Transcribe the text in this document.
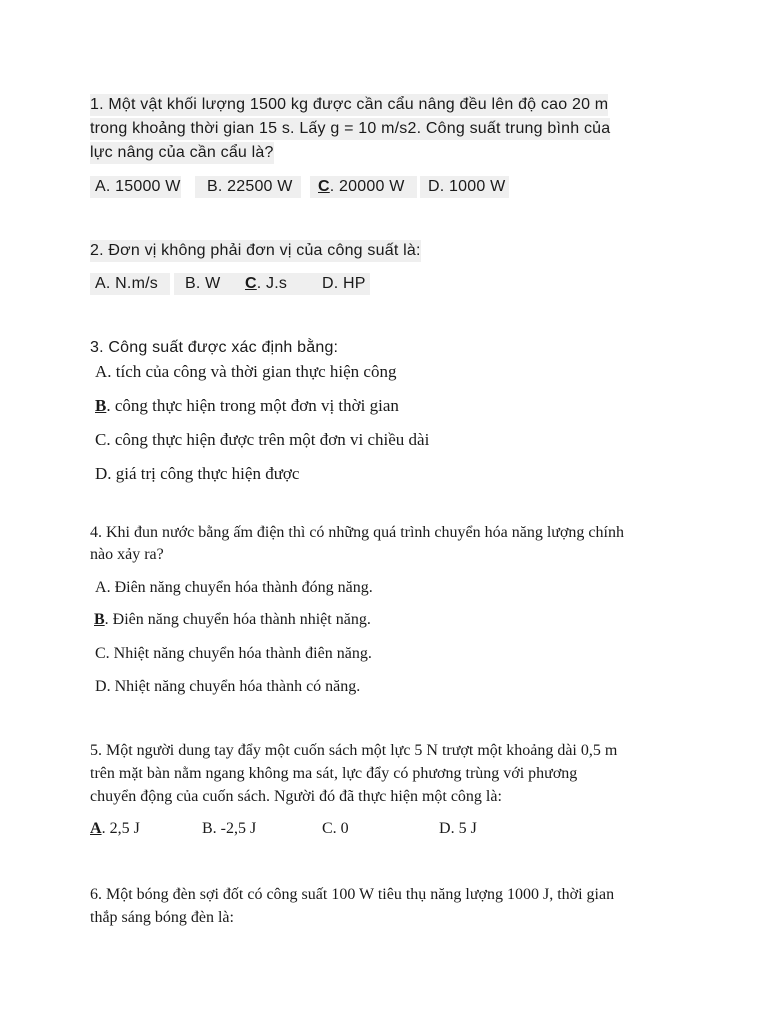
1. Một vật khối lượng 1500 kg được cần cẩu nâng đều lên độ cao 20 m
trong khoảng thời gian 15 s. Lấy g = 10 m/s2. Công suất trung bình của
lực nâng của cần cẩu là?
A. 15000 W	B. 22500 W	C. 20000 W	D. 1000 W
2. Đơn vị không phải đơn vị của công suất là:
A. N.m/s	B. W	C. J.s	D. HP
3. Công suất được xác định bằng:
A. tích của công và thời gian thực hiện công
B. công thực hiện trong một đơn vị thời gian
C. công thực hiện được trên một đơn vi chiều dài
D. giá trị công thực hiện được
4. Khi đun nước bằng ấm điện thì có những quá trình chuyển hóa năng lượng chính
nào xảy ra?
A. Điên năng chuyển hóa thành đóng năng.
B. Điên năng chuyển hóa thành nhiệt năng.
C. Nhiệt năng chuyển hóa thành điên năng.
D. Nhiệt năng chuyển hóa thành có năng.
5. Một người dung tay đẩy một cuốn sách một lực 5 N trượt một khoảng dài 0,5 m
trên mặt bàn nằm ngang không ma sát, lực đẩy có phương trùng với phương
chuyển động của cuốn sách. Người đó đã thực hiện một công là:
A. 2,5 J	B. -2,5 J	C. 0	D. 5 J
6. Một bóng đèn sợi đốt có công suất 100 W tiêu thụ năng lượng 1000 J, thời gian
thắp sáng bóng đèn là:
